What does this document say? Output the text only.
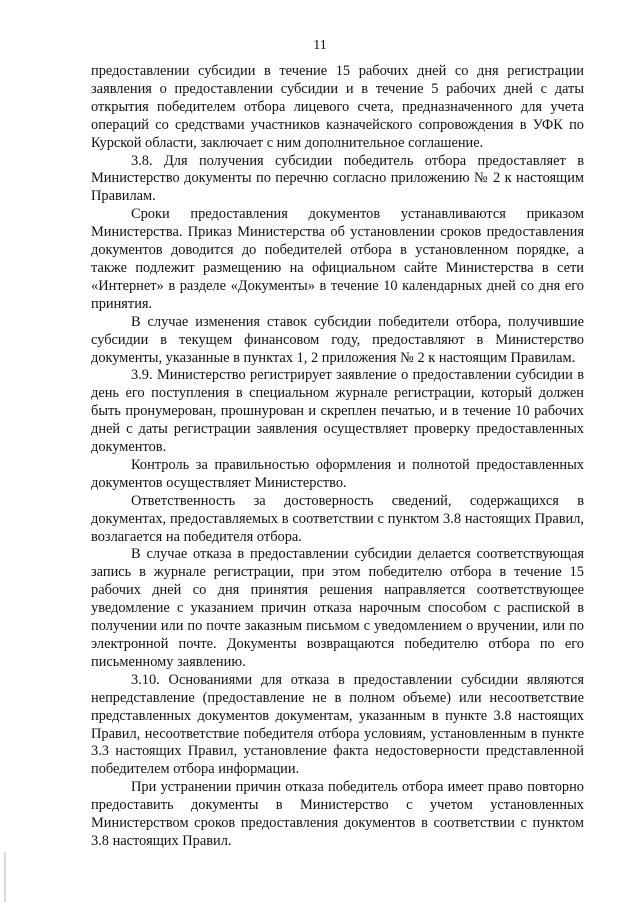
11

предоставлении субсидии в течение 15 рабочих дней со дня регистрации заявления о предоставлении субсидии и в течение 5 рабочих дней с даты открытия победителем отбора лицевого счета, предназначенного для учета операций со средствами участников казначейского сопровождения в УФК по Курской области, заключает с ним дополнительное соглашение.

3.8. Для получения субсидии победитель отбора предоставляет в Министерство документы по перечню согласно приложению № 2 к настоящим Правилам.

Сроки предоставления документов устанавливаются приказом Министерства. Приказ Министерства об установлении сроков предоставления документов доводится до победителей отбора в установленном порядке, а также подлежит размещению на официальном сайте Министерства в сети «Интернет» в разделе «Документы» в течение 10 календарных дней со дня его принятия.

В случае изменения ставок субсидии победители отбора, получившие субсидии в текущем финансовом году, предоставляют в Министерство документы, указанные в пунктах 1, 2 приложения № 2 к настоящим Правилам.

3.9. Министерство регистрирует заявление о предоставлении субсидии в день его поступления в специальном журнале регистрации, который должен быть пронумерован, прошнурован и скреплен печатью, и в течение 10 рабочих дней с даты регистрации заявления осуществляет проверку предоставленных документов.

Контроль за правильностью оформления и полнотой предоставленных документов осуществляет Министерство.

Ответственность за достоверность сведений, содержащихся в документах, предоставляемых в соответствии с пунктом 3.8 настоящих Правил, возлагается на победителя отбора.

В случае отказа в предоставлении субсидии делается соответствующая запись в журнале регистрации, при этом победителю отбора в течение 15 рабочих дней со дня принятия решения направляется соответствующее уведомление с указанием причин отказа нарочным способом с распиской в получении или по почте заказным письмом с уведомлением о вручении, или по электронной почте. Документы возвращаются победителю отбора по его письменному заявлению.

3.10. Основаниями для отказа в предоставлении субсидии являются непредставление (предоставление не в полном объеме) или несоответствие представленных документов документам, указанным в пункте 3.8 настоящих Правил, несоответствие победителя отбора условиям, установленным в пункте 3.3 настоящих Правил, установление факта недостоверности представленной победителем отбора информации.

При устранении причин отказа победитель отбора имеет право повторно предоставить документы в Министерство с учетом установленных Министерством сроков предоставления документов в соответствии с пунктом 3.8 настоящих Правил.
